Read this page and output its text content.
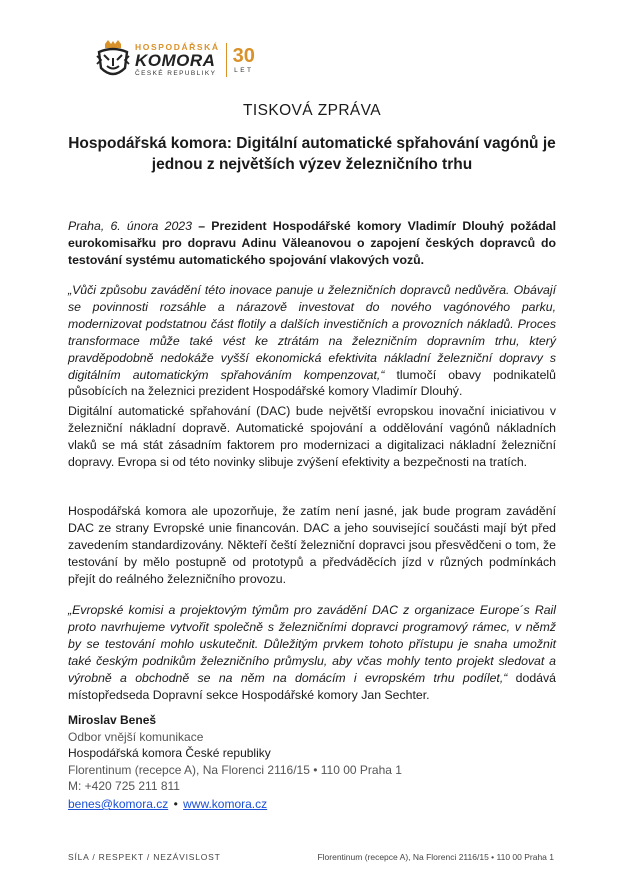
HOSPODÁŘSKÁ
KOMORA
ČESKÉ REPUBLIKY
30
LET
TISKOVÁ ZPRÁVA
Hospodářská komora: Digitální automatické spřahování vagónů je jednou z největších výzev železničního trhu

Praha, 6. února 2023 – Prezident Hospodářské komory Vladimír Dlouhý požádal eurokomisařku pro dopravu Adinu Văleanovou o zapojení českých dopravců do testování systému automatického spojování vlakových vozů.

„Vůči způsobu zavádění této inovace panuje u železničních dopravců nedůvěra. Obávají se povinnosti rozsáhle a nárazově investovat do nového vagónového parku, modernizovat podstatnou část flotily a dalších investičních a provozních nákladů. Proces transformace může také vést ke ztrátám na železničním dopravním trhu, který pravděpodobně nedokáže vyšší ekonomická efektivita nákladní železniční dopravy s digitálním automatickým spřahováním kompenzovat,“ tlumočí obavy podnikatelů působících na železnici prezident Hospodářské komory Vladimír Dlouhý.

Digitální automatické spřahování (DAC) bude největší evropskou inovační iniciativou v železniční nákladní dopravě. Automatické spojování a oddělování vagónů nákladních vlaků se má stát zásadním faktorem pro modernizaci a digitalizaci nákladní železniční dopravy. Evropa si od této novinky slibuje zvýšení efektivity a bezpečnosti na tratích.

Hospodářská komora ale upozorňuje, že zatím není jasné, jak bude program zavádění DAC ze strany Evropské unie financován. DAC a jeho související součásti mají být před zavedením standardizovány. Někteří čeští železniční dopravci jsou přesvědčeni o tom, že testování by mělo postupně od prototypů a předváděcích jízd v různých podmínkách přejít do reálného železničního provozu.

„Evropské komisi a projektovým týmům pro zavádění DAC z organizace Europe´s Rail proto navrhujeme vytvořit společně s železničními dopravci programový rámec, v němž by se testování mohlo uskutečnit. Důležitým prvkem tohoto přístupu je snaha umožnit také českým podnikům železničního průmyslu, aby včas mohly tento projekt sledovat a výrobně a obchodně se na něm na domácím i evropském trhu podílet,“ dodává místopředseda Dopravní sekce Hospodářské komory Jan Sechter.

Miroslav Beneš
Odbor vnější komunikace
Hospodářská komora České republiky
Florentinum (recepce A), Na Florenci 2116/15 • 110 00 Praha 1
M: +420 725 211 811
benes@komora.cz • www.komora.cz
SÍLA / RESPEKT / NEZÁVISLOST	Florentinum (recepce A), Na Florenci 2116/15 • 110 00 Praha 1
